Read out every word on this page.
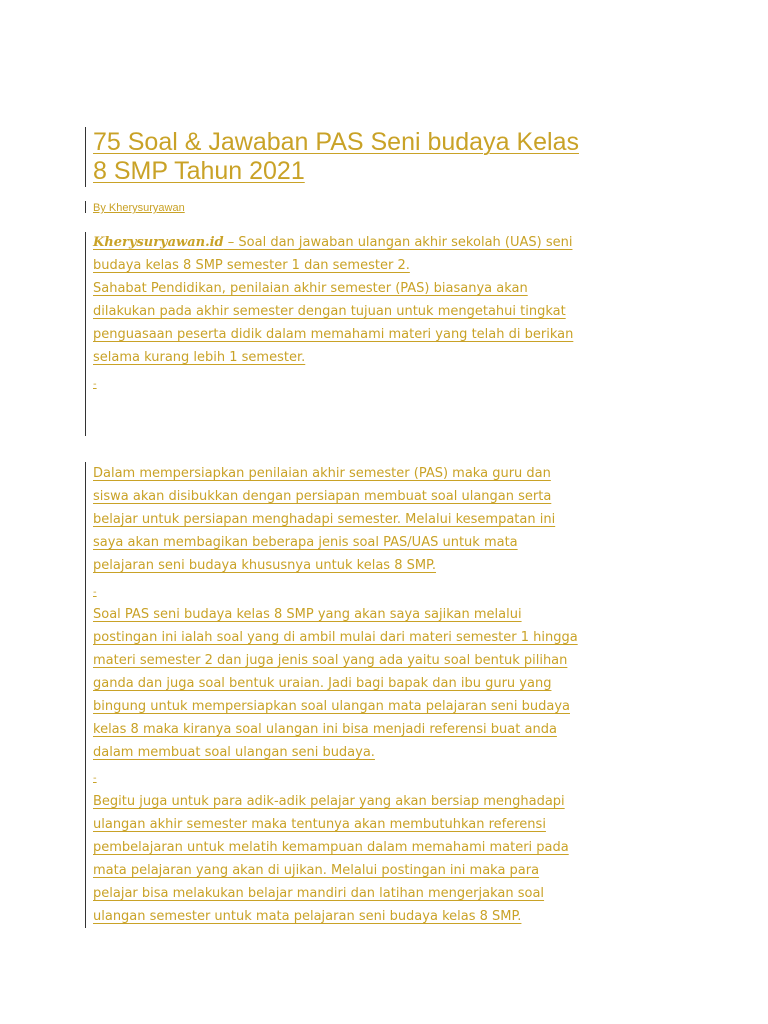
75 Soal & Jawaban PAS Seni budaya Kelas
8 SMP Tahun 2021
By Kherysuryawan
Kherysuryawan.id – Soal dan jawaban ulangan akhir sekolah (UAS) seni
budaya kelas 8 SMP semester 1 dan semester 2.
Sahabat Pendidikan, penilaian akhir semester (PAS) biasanya akan
dilakukan pada akhir semester dengan tujuan untuk mengetahui tingkat
penguasaan peserta didik dalam memahami materi yang telah di berikan
selama kurang lebih 1 semester.
-
Dalam mempersiapkan penilaian akhir semester (PAS) maka guru dan
siswa akan disibukkan dengan persiapan membuat soal ulangan serta
belajar untuk persiapan menghadapi semester. Melalui kesempatan ini
saya akan membagikan beberapa jenis soal PAS/UAS untuk mata
pelajaran seni budaya khususnya untuk kelas 8 SMP.
-
Soal PAS seni budaya kelas 8 SMP yang akan saya sajikan melalui
postingan ini ialah soal yang di ambil mulai dari materi semester 1 hingga
materi semester 2 dan juga jenis soal yang ada yaitu soal bentuk pilihan
ganda dan juga soal bentuk uraian. Jadi bagi bapak dan ibu guru yang
bingung untuk mempersiapkan soal ulangan mata pelajaran seni budaya
kelas 8 maka kiranya soal ulangan ini bisa menjadi referensi buat anda
dalam membuat soal ulangan seni budaya.
-
Begitu juga untuk para adik-adik pelajar yang akan bersiap menghadapi
ulangan akhir semester maka tentunya akan membutuhkan referensi
pembelajaran untuk melatih kemampuan dalam memahami materi pada
mata pelajaran yang akan di ujikan. Melalui postingan ini maka para
pelajar bisa melakukan belajar mandiri dan latihan mengerjakan soal
ulangan semester untuk mata pelajaran seni budaya kelas 8 SMP.
